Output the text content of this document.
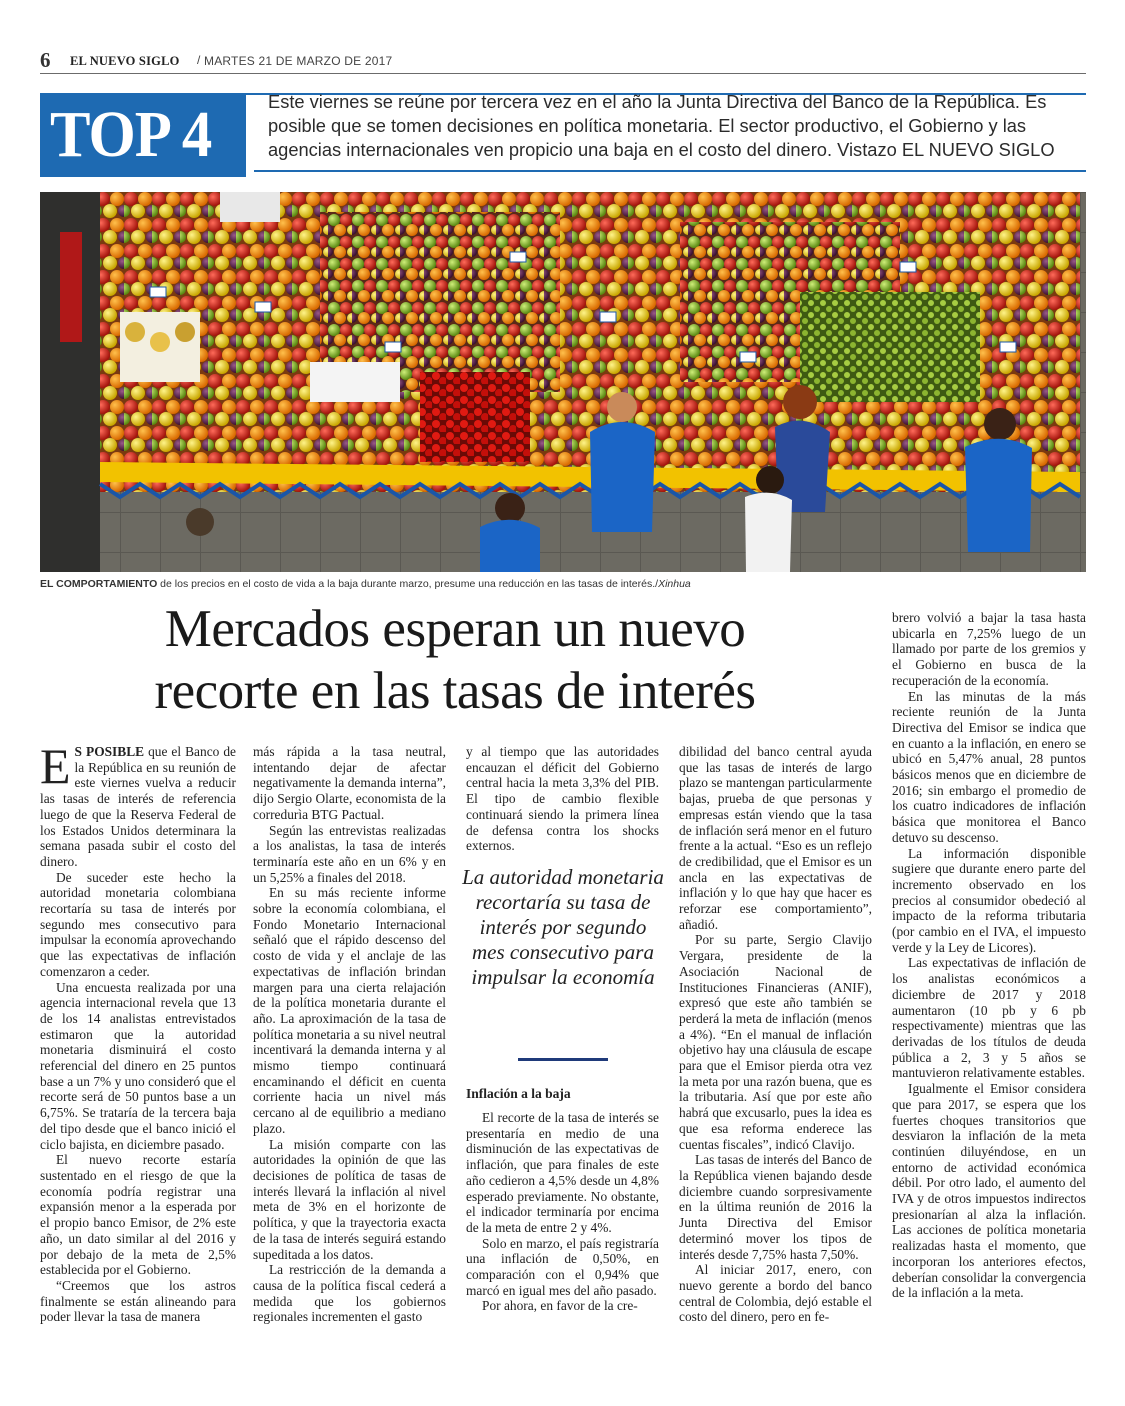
6 EL NUEVO SIGLO / MARTES 21 DE MARZO DE 2017
TOP 4	Este viernes se reúne por tercera vez en el año la Junta Directiva del Banco de la República. Es posible que se tomen decisiones en política monetaria. El sector productivo, el Gobierno y las agencias internacionales ven propicio una baja en el costo del dinero. Vistazo EL NUEVO SIGLO
EL COMPORTAMIENTO de los precios en el costo de vida a la baja durante marzo, presume una reducción en las tasas de interés./Xinhua
Mercados esperan un nuevo
recorte en las tasas de interés

E S POSIBLE que el Banco de la República en su reunión de este viernes vuelva a reducir las tasas de interés de referencia luego de que la Reserva Federal de los Estados Unidos determinara la semana pasada subir el costo del dinero.

De suceder este hecho la autoridad monetaria colombiana recortaría su tasa de interés por segundo mes consecutivo para impulsar la economía aprovechando que las expectativas de inflación comenzaron a ceder.

Una encuesta realizada por una agencia internacional revela que 13 de los 14 analistas entrevistados estimaron que la autoridad monetaria disminuirá el costo referencial del dinero en 25 puntos base a un 7% y uno consideró que el recorte será de 50 puntos base a un 6,75%. Se trataría de la tercera baja del tipo desde que el banco inició el ciclo bajista, en diciembre pasado.

El nuevo recorte estaría sustentado en el riesgo de que la economía podría registrar una expansión menor a la esperada por el propio banco Emisor, de 2% este año, un dato similar al del 2016 y por debajo de la meta de 2,5% establecida por el Gobierno.

“Creemos que los astros finalmente se están alineando para poder llevar la tasa de manera

más rápida a la tasa neutral, intentando dejar de afectar negativamente la demanda interna”, dijo Sergio Olarte, economista de la corredurìa BTG Pactual.

Según las entrevistas realizadas a los analistas, la tasa de interés terminaría este año en un 6% y en un 5,25% a finales del 2018.

En su más reciente informe sobre la economía colombiana, el Fondo Monetario Internacional señaló que el rápido descenso del costo de vida y el anclaje de las expectativas de inflación brindan margen para una cierta relajación de la política monetaria durante el año. La aproximación de la tasa de política monetaria a su nivel neutral incentivará la demanda interna y al mismo tiempo continuará encaminando el déficit en cuenta corriente hacia un nivel más cercano al de equilibrio a mediano plazo.

La misión comparte con las autoridades la opinión de que las decisiones de política de tasas de interés llevará la inflación al nivel meta de 3% en el horizonte de política, y que la trayectoria exacta de la tasa de interés seguirá estando supeditada a los datos.

La restricción de la demanda a causa de la política fiscal cederá a medida que los gobiernos regionales incrementen el gasto

y al tiempo que las autoridades encauzan el déficit del Gobierno central hacia la meta 3,3% del PIB. El tipo de cambio flexible continuará siendo la primera línea de defensa contra los shocks externos.

La autoridad monetaria recortaría su tasa de interés por segundo mes consecutivo para impulsar la economía
Inflación a la baja

El recorte de la tasa de interés se presentaría en medio de una disminución de las expectativas de inflación, que para finales de este año cedieron a 4,5% desde un 4,8% esperado previamente. No obstante, el indicador terminaría por encima de la meta de entre 2 y 4%.

Solo en marzo, el país registraría una inflación de 0,50%, en comparación con el 0,94% que marcó en igual mes del año pasado.

Por ahora, en favor de la cre-

dibilidad del banco central ayuda que las tasas de interés de largo plazo se mantengan particularmente bajas, prueba de que personas y empresas están viendo que la tasa de inflación será menor en el futuro frente a la actual. “Eso es un reflejo de credibilidad, que el Emisor es un ancla en las expectativas de inflación y lo que hay que hacer es reforzar ese comportamiento”, añadió.

Por su parte, Sergio Clavijo Vergara, presidente de la Asociación Nacional de Instituciones Financieras (ANIF), expresó que este año también se perderá la meta de inflación (menos a 4%). “En el manual de inflación objetivo hay una cláusula de escape para que el Emisor pierda otra vez la meta por una razón buena, que es la tributaria. Así que por este año habrá que excusarlo, pues la idea es que esa reforma enderece las cuentas fiscales”, indicó Clavijo.

Las tasas de interés del Banco de la República vienen bajando desde diciembre cuando sorpresivamente en la última reunión de 2016 la Junta Directiva del Emisor determinó mover los tipos de interés desde 7,75% hasta 7,50%.

Al iniciar 2017, enero, con nuevo gerente a bordo del banco central de Colombia, dejó estable el costo del dinero, pero en fe-

brero volvió a bajar la tasa hasta ubicarla en 7,25% luego de un llamado por parte de los gremios y el Gobierno en busca de la recuperación de la economía.

En las minutas de la más reciente reunión de la Junta Directiva del Emisor se indica que en cuanto a la inflación, en enero se ubicó en 5,47% anual, 28 puntos básicos menos que en diciembre de 2016; sin embargo el promedio de los cuatro indicadores de inflación básica que monitorea el Banco detuvo su descenso.

La información disponible sugiere que durante enero parte del incremento observado en los precios al consumidor obedeció al impacto de la reforma tributaria (por cambio en el IVA, el impuesto verde y la Ley de Licores).

Las expectativas de inflación de los analistas económicos a diciembre de 2017 y 2018 aumentaron (10 pb y 6 pb respectivamente) mientras que las derivadas de los títulos de deuda pública a 2, 3 y 5 años se mantuvieron relativamente estables.

Igualmente el Emisor considera que para 2017, se espera que los fuertes choques transitorios que desviaron la inflación de la meta continúen diluyéndose, en un entorno de actividad económica débil. Por otro lado, el aumento del IVA y de otros impuestos indirectos presionarían al alza la inflación. Las acciones de política monetaria realizadas hasta el momento, que incorporan los anteriores efectos, deberían consolidar la convergencia de la inflación a la meta.
